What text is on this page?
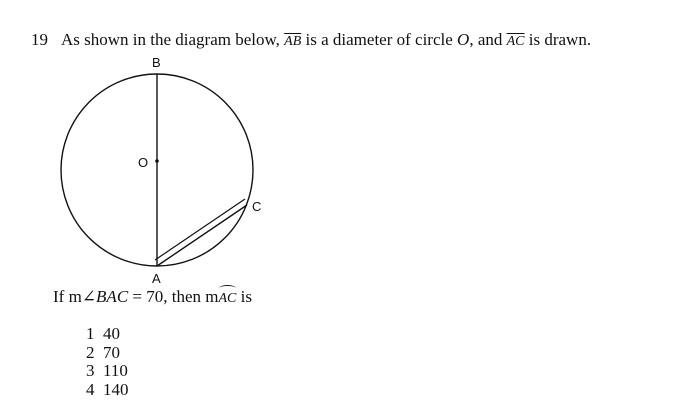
19 As shown in the diagram below, $\overline{AB}$ is a diameter of circle O, and $\overline{AC}$ is drawn.
B
O
C
A
If m∠BAC = 70, then m
AC is
1 40
2 70
3 110
4 140
